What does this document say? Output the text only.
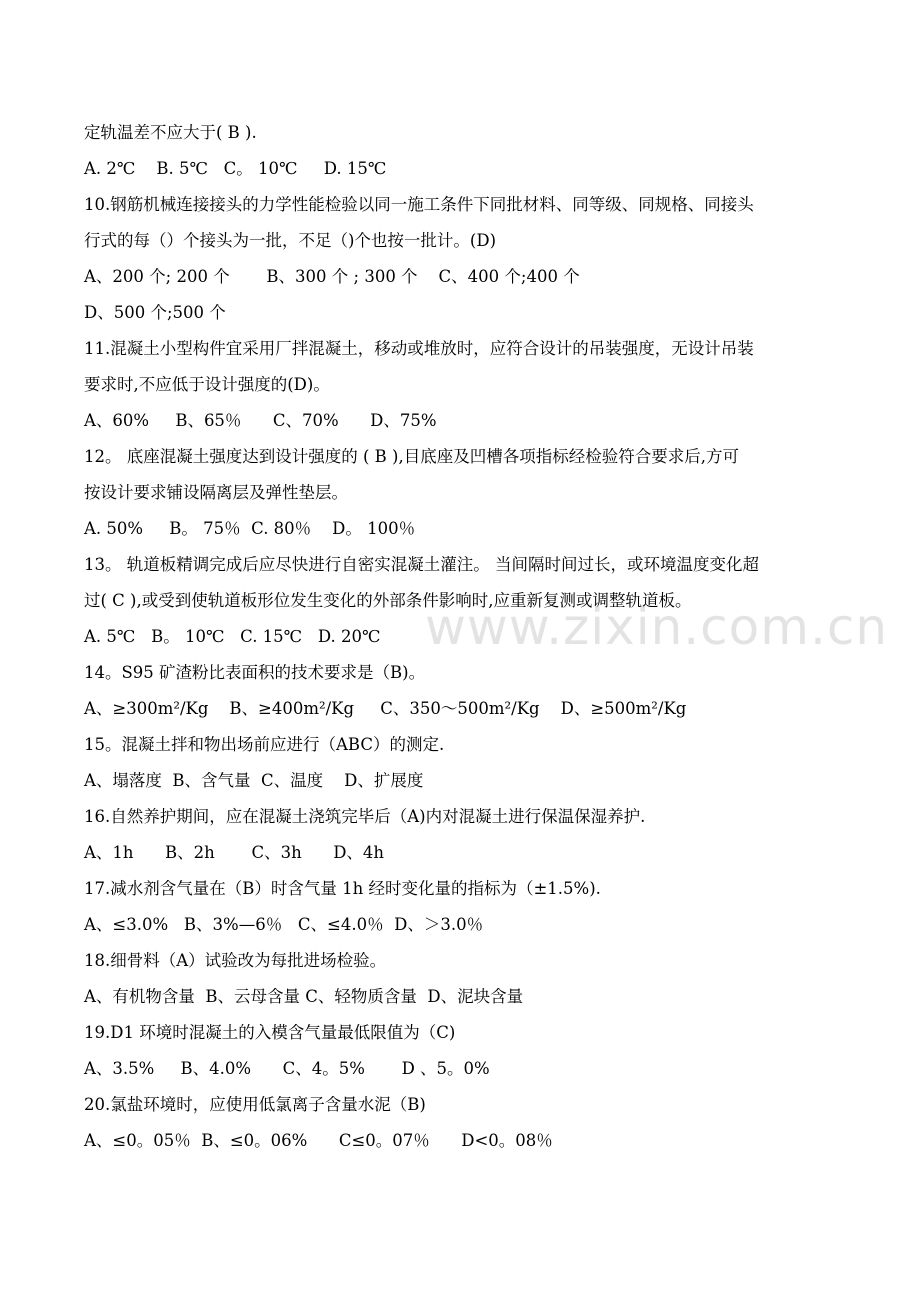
定轨温差不应大于( B ).
A. 2℃    B. 5℃   C。 10℃     D. 15℃
10.钢筋机械连接接头的力学性能检验以同一施工条件下同批材料、同等级、同规格、同接头
行式的每（）个接头为一批，不足（)个也按一批计。(D)
A、200 个; 200 个       B、300 个 ; 300 个    C、400 个;400 个
D、500 个;500 个
11.混凝土小型构件宜采用厂拌混凝土，移动或堆放时，应符合设计的吊装强度，无设计吊装
要求时,不应低于设计强度的(D)。
A、60%     B、65％      C、70%      D、75%
12。 底座混凝土强度达到设计强度的 ( B ),目底座及凹槽各项指标经检验符合要求后,方可
按设计要求铺设隔离层及弹性垫层。
A. 50%     B。 75％  C. 80％    D。 100％
13。 轨道板精调完成后应尽快进行自密实混凝土灌注。 当间隔时间过长，或环境温度变化超
过( C ),或受到使轨道板形位发生变化的外部条件影响时,应重新复测或调整轨道板。
A. 5℃   B。 10℃   C. 15℃   D. 20℃
14。S95 矿渣粉比表面积的技术要求是（B)。
A、≥300m²/Kg    B、≥400m²/Kg     C、350～500m²/Kg    D、≥500m²/Kg
15。混凝土拌和物出场前应进行（ABC）的测定.
A、塌落度  B、含气量  C、温度    D、扩展度
16.自然养护期间，应在混凝土浇筑完毕后（A)内对混凝土进行保温保湿养护.
A、1h      B、2h       C、3h      D、4h
17.减水剂含气量在（B）时含气量 1h 经时变化量的指标为（±1.5%).
A、≤3.0%   B、3%—6％   C、≤4.0％  D、＞3.0％
18.细骨料（A）试验改为每批进场检验。
A、有机物含量  B、云母含量 C、轻物质含量  D、泥块含量
19.D1 环境时混凝土的入模含气量最低限值为（C)
A、3.5%     B、4.0%      C、4。5%       D 、5。0%
20.氯盐环境时，应使用低氯离子含量水泥（B)
A、≤0。05％  B、≤0。06%      C≤0。07％      D<0。08％
www.zixin.com.cn
